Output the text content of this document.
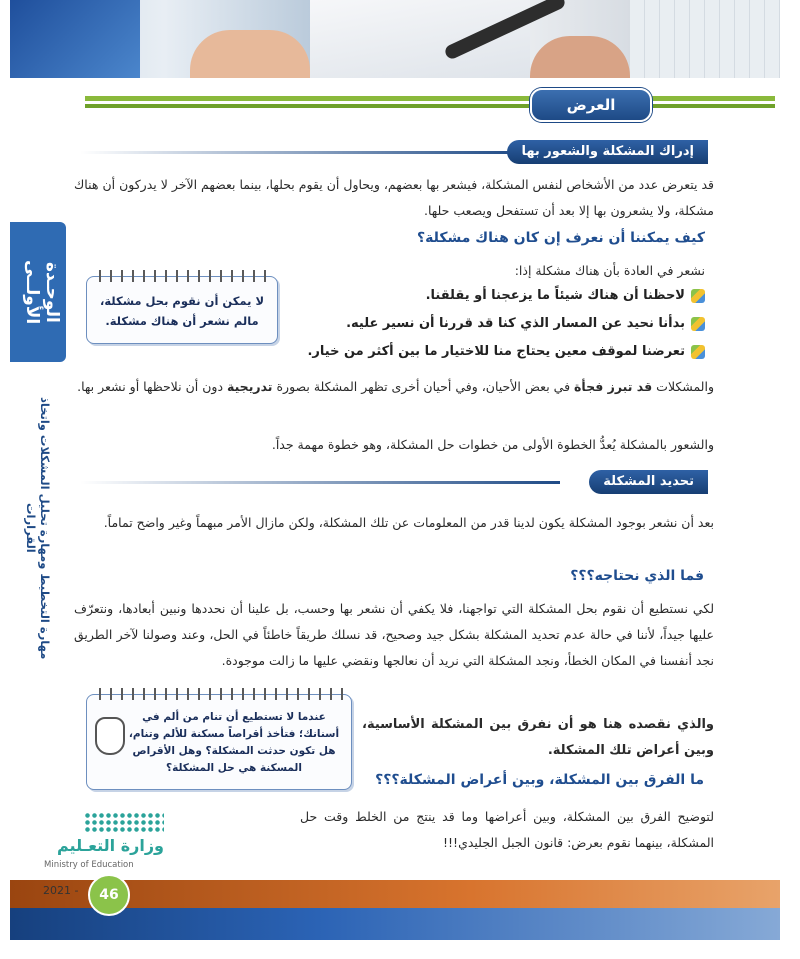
العرض
إدراك المشكلة والشعور بها
قد يتعرض عدد من الأشخاص لنفس المشكلة، فيشعر بها بعضهم، ويحاول أن يقوم بحلها، بينما بعضهم الآخر لا يدركون أن هناك مشكلة، ولا يشعرون بها إلا بعد أن تستفحل ويصعب حلها.
كيف يمكننا أن نعرف إن كان هناك مشكلة؟
نشعر في العادة بأن هناك مشكلة إذا:
لاحظنا أن هناك شيئاً ما يزعجنا أو يقلقنا.
بدأنا نحيد عن المسار الذي كنا قد قررنا أن نسير عليه.
تعرضنا لموقف معين يحتاج منا للاختيار ما بين أكثر من خيار.
لا يمكن أن نقوم بحل مشكلة، مالم نشعر أن هناك مشكلة.
والمشكلات قد تبرز فجأة في بعض الأحيان، وفي أحيان أخرى تظهر المشكلة بصورة تدريجية دون أن نلاحظها أو نشعر بها.
والشعور بالمشكلة يُعدُّ الخطوة الأولى من خطوات حل المشكلة، وهو خطوة مهمة جداً.
تحديد المشكلة
بعد أن نشعر بوجود المشكلة يكون لدينا قدر من المعلومات عن تلك المشكلة، ولكن مازال الأمر مبهماً وغير واضح تماماً.
فما الذي نحتاجه؟؟؟
لكي نستطيع أن نقوم بحل المشكلة التي تواجهنا، فلا يكفي أن نشعر بها وحسب، بل علينا أن نحددها ونبين أبعادها، ونتعرّف عليها جيداً، لأننا في حالة عدم تحديد المشكلة بشكل جيد وصحيح، قد نسلك طريقاً خاطئاً في الحل، وعند وصولنا لآخر الطريق نجد أنفسنا في المكان الخطأ، ونجد المشكلة التي نريد أن نعالجها ونقضي عليها ما زالت موجودة.
عندما لا تستطيع أن تنام من ألم في أسنانك؛ فتأخذ أقراصاً مسكنة للألم وتنام، هل تكون حدثت المشكلة؟ وهل الأقراص المسكنة هي حل المشكلة؟
والذي نقصده هنا هو أن نفرق بين المشكلة الأساسية، وبين أعراض تلك المشكلة.
ما الفرق بين المشكلة، وبين أعراض المشكلة؟؟؟
لتوضيح الفرق بين المشكلة، وبين أعراضها وما قد ينتج من الخلط وقت حل المشكلة، بينهما نقوم بعرض: قانون الجبل الجليدي!!!
الوحـدة الأولــى
مهارة التخطيط ومهارة تحليل المشكلات واتخاذ القرارات
وزارة التعـليم
Ministry of Education
2021 -	46
